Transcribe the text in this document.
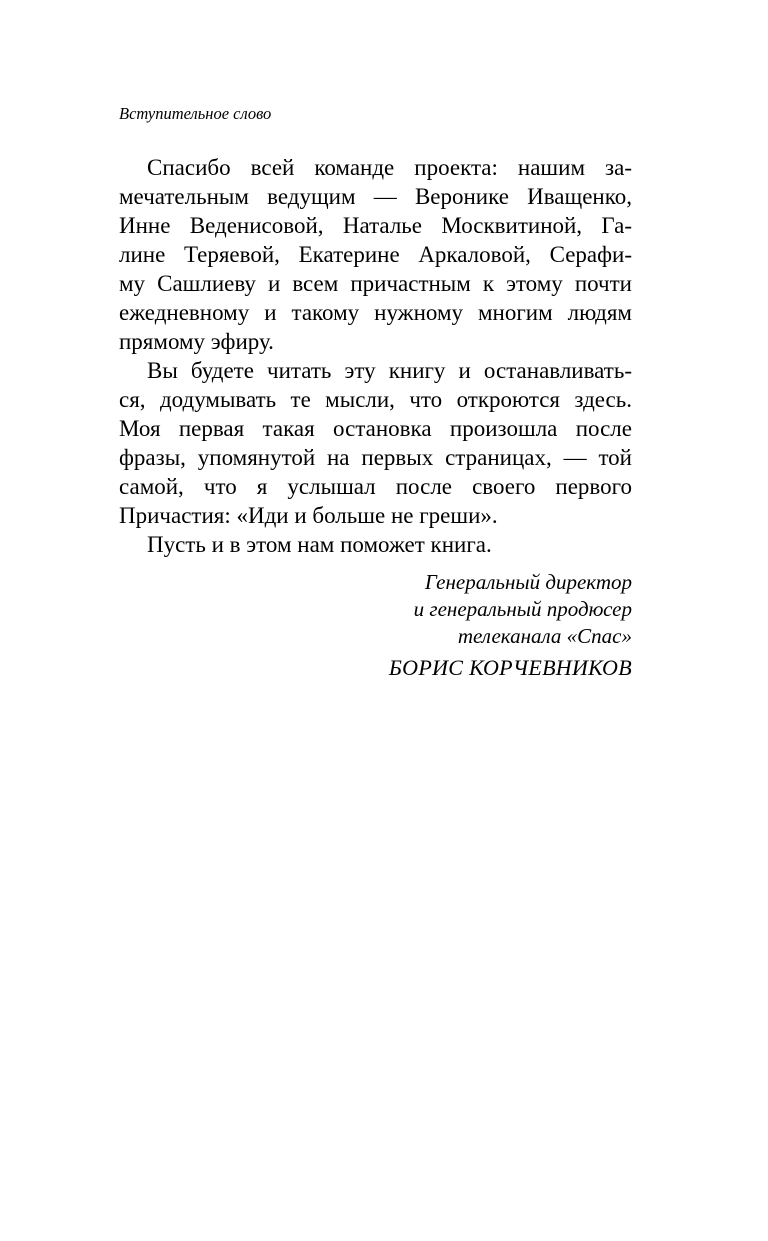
Вступительное слово
Спасибо всей команде проекта: нашим за-
мечательным ведущим — Веронике Иващенко,
Инне Веденисовой, Наталье Москвитиной, Га-
лине Теряевой, Екатерине Аркаловой, Серафи-
му Сашлиеву и всем причастным к этому почти
ежедневному и такому нужному многим людям
прямому эфиру.
Вы будете читать эту книгу и останавливать-
ся, додумывать те мысли, что откроются здесь.
Моя первая такая остановка произошла после
фразы, упомянутой на первых страницах, — той
самой, что я услышал после своего первого
Причастия: «Иди и больше не греши».
Пусть и в этом нам поможет книга.
Генеральный директор
и генеральный продюсер
телеканала «Спас»
БОРИС КОРЧЕВНИКОВ
